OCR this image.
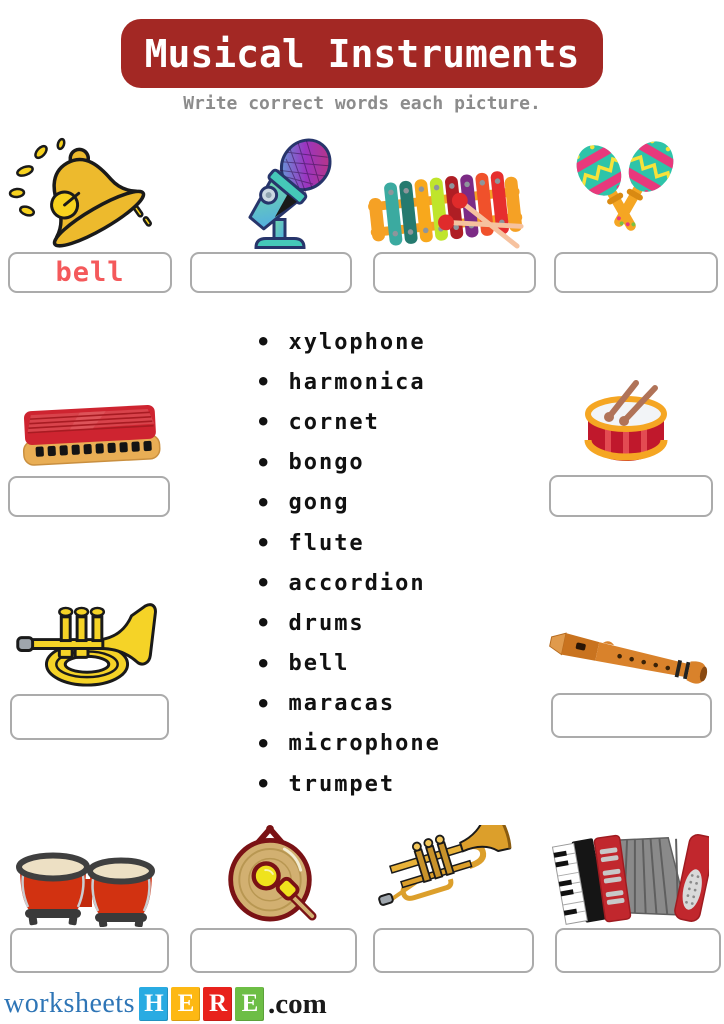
Musical Instruments
Write correct words each picture.
bell
• xylophone
• harmonica
• cornet
• bongo
• gong
• flute
• accordion
• drums
• bell
• maracas
• microphone
• trumpet
worksheets H E R E .com
